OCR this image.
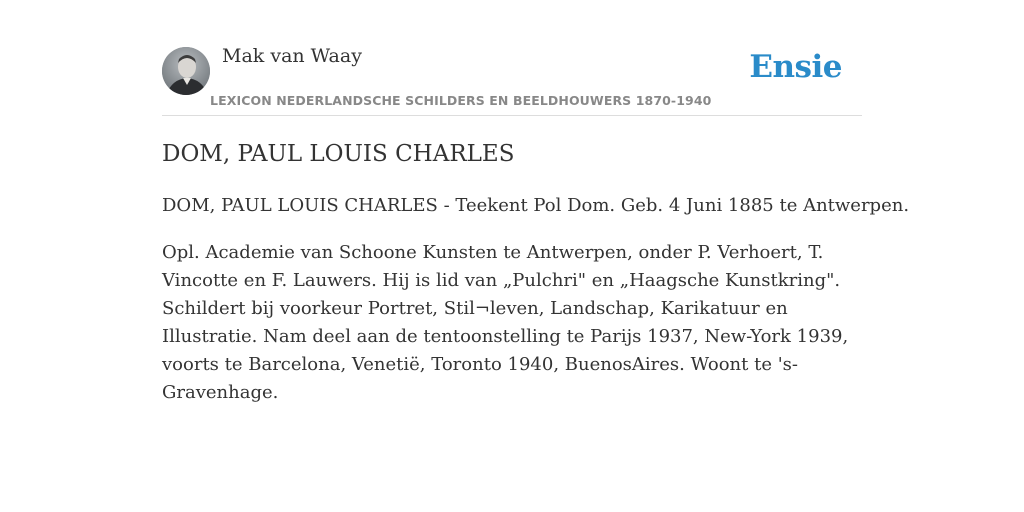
Mak van Waay
LEXICON NEDERLANDSCHE SCHILDERS EN BEELDHOUWERS 1870-1940
Ensie
DOM, PAUL LOUIS CHARLES

DOM, PAUL LOUIS CHARLES - Teekent Pol Dom. Geb. 4 Juni 1885 te Antwerpen.

Opl. Academie van Schoone Kunsten te Antwerpen, onder P. Verhoert, T. Vincotte en F. Lauwers. Hij is lid van „Pulchri" en „Haagsche Kunstkring". Schildert bij voorkeur Portret, Stil¬leven, Landschap, Karikatuur en Illustratie. Nam deel aan de tentoonstelling te Parijs 1937, New-York 1939, voorts te Barcelona, Venetië, Toronto 1940, BuenosAires. Woont te 's-Gravenhage.
